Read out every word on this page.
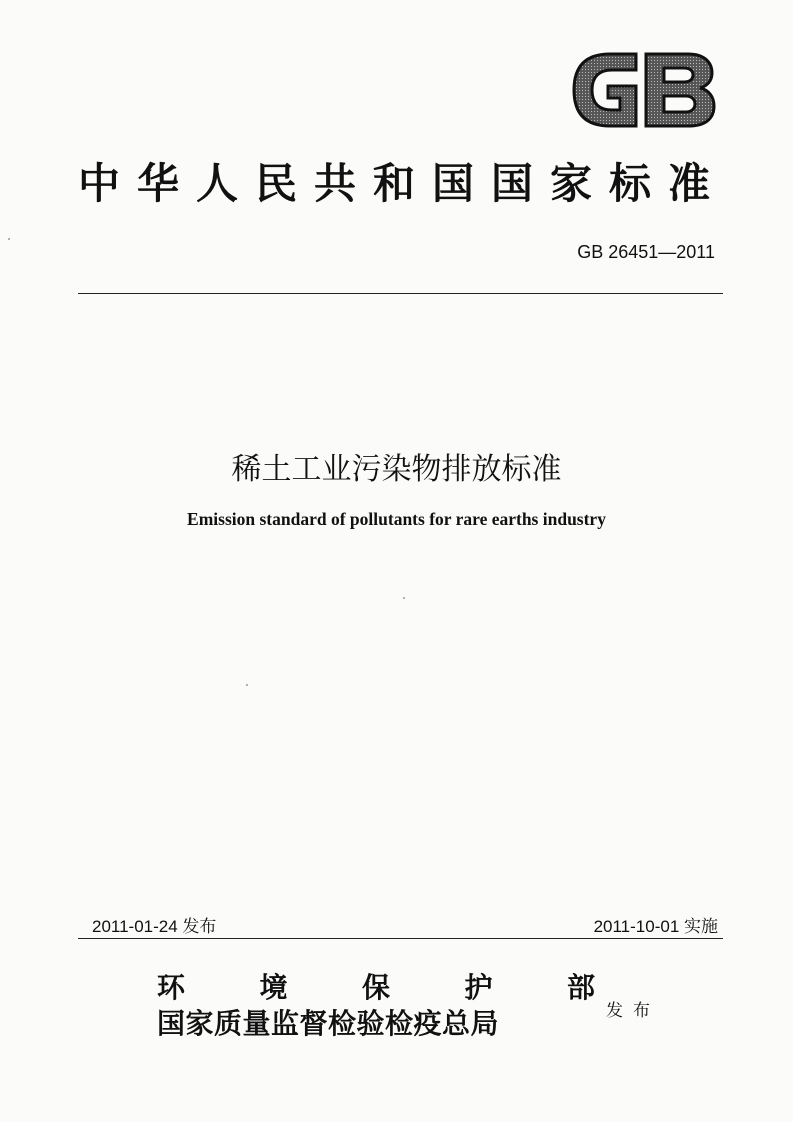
中华人民共和国国家标准
GB 26451—2011
稀土工业污染物排放标准
Emission standard of pollutants for rare earths industry
2011-01-24 发布	2011-10-01 实施
环	境	保	护	部
国家质量监督检验检疫总局	发布
